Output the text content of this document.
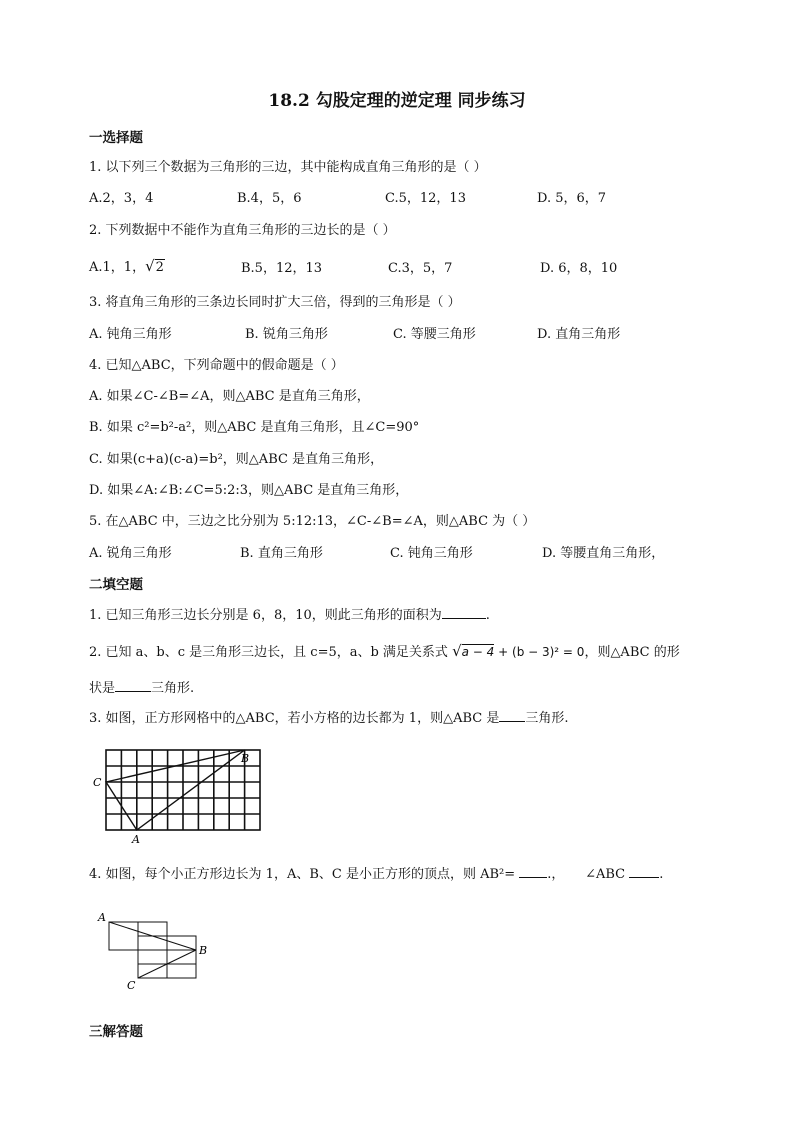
18.2 勾股定理的逆定理 同步练习
一选择题
1. 以下列三个数据为三角形的三边，其中能构成直角三角形的是（ ）
A.2，3，4	B.4，5，6	C.5，12，13	D. 5，6，7
2. 下列数据中不能作为直角三角形的三边长的是（ ）
A.1，1，√2	B.5，12，13	C.3，5，7	D. 6，8，10
3. 将直角三角形的三条边长同时扩大三倍，得到的三角形是（ ）
A. 钝角三角形	B. 锐角三角形	C. 等腰三角形	D. 直角三角形
4. 已知△ABC，下列命题中的假命题是（ ）
A. 如果∠C-∠B=∠A，则△ABC 是直角三角形，
B. 如果 c²=b²-a²，则△ABC 是直角三角形，且∠C=90°
C. 如果(c+a)(c-a)=b²，则△ABC 是直角三角形，
D. 如果∠A:∠B:∠C=5:2:3，则△ABC 是直角三角形，
5. 在△ABC 中，三边之比分别为 5:12:13，∠C-∠B=∠A，则△ABC 为（ ）
A. 锐角三角形	B. 直角三角形	C. 钝角三角形	D. 等腰直角三角形，
二填空题
1. 已知三角形三边长分别是 6，8，10，则此三角形的面积为	.
2. 已知 a、b、c 是三角形三边长，且 c=5，a、b 满足关系式 √a − 4 + (b − 3)² = 0，则△ABC 的形
状是	三角形.
3. 如图，正方形网格中的△ABC，若小方格的边长都为 1，则△ABC 是 三角形.
C
B
A
4. 如图，每个小正方形边长为 1，A、B、C 是小正方形的顶点，则 AB²= .， ∠ABC	.
A
B
C
三解答题
